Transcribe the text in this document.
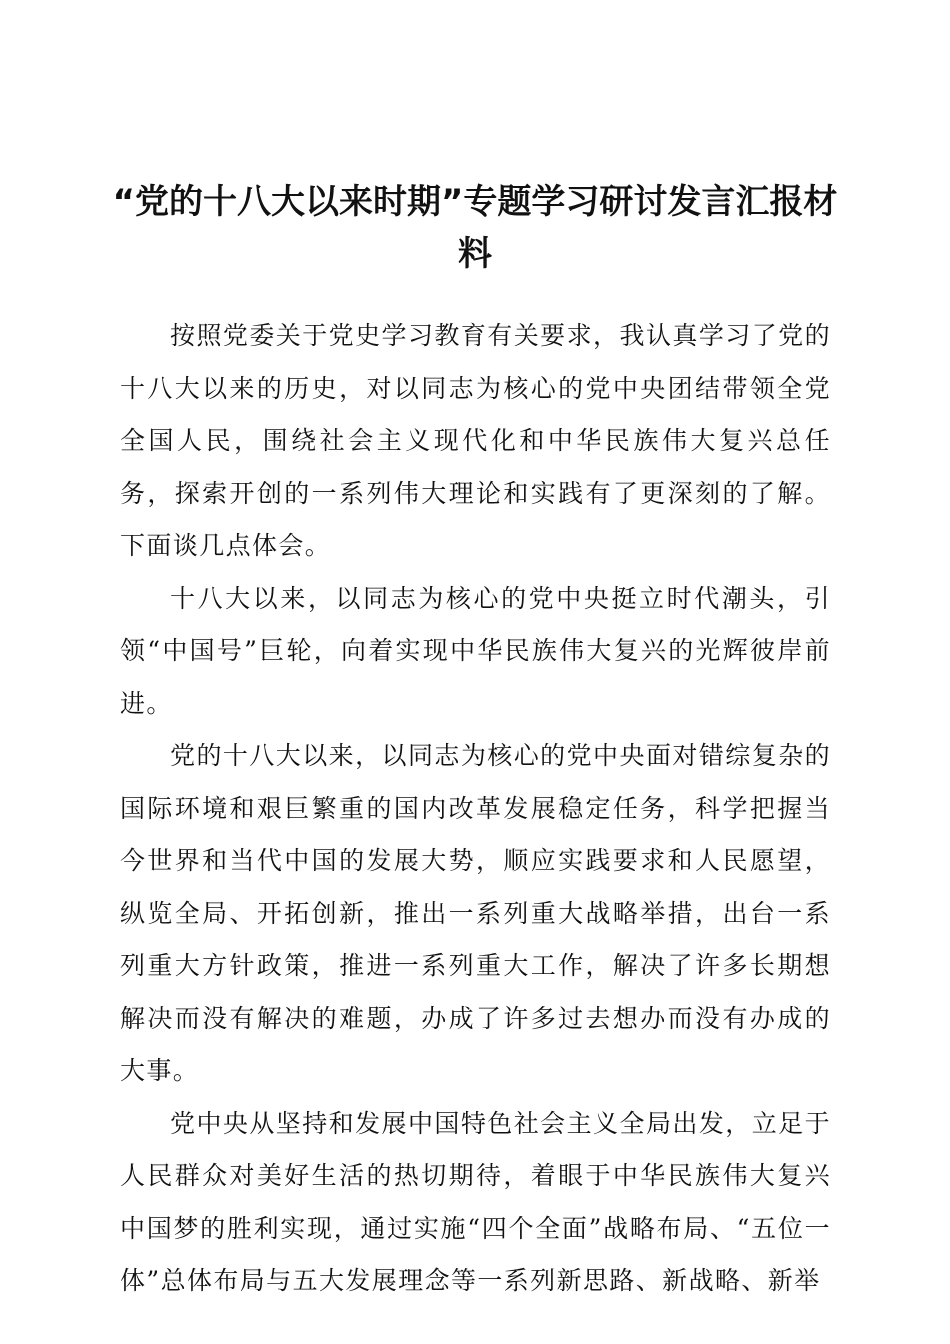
“党的十八大以来时期”专题学习研讨发言汇报材料

按照党委关于党史学习教育有关要求，我认真学习了党的十八大以来的历史，对以同志为核心的党中央团结带领全党全国人民，围绕社会主义现代化和中华民族伟大复兴总任务，探索开创的一系列伟大理论和实践有了更深刻的了解。下面谈几点体会。

十八大以来，以同志为核心的党中央挺立时代潮头，引领“中国号”巨轮，向着实现中华民族伟大复兴的光辉彼岸前进。

党的十八大以来，以同志为核心的党中央面对错综复杂的国际环境和艰巨繁重的国内改革发展稳定任务，科学把握当今世界和当代中国的发展大势，顺应实践要求和人民愿望，纵览全局、开拓创新，推出一系列重大战略举措，出台一系列重大方针政策，推进一系列重大工作，解决了许多长期想解决而没有解决的难题，办成了许多过去想办而没有办成的大事。

党中央从坚持和发展中国特色社会主义全局出发，立足于人民群众对美好生活的热切期待，着眼于中华民族伟大复兴中国梦的胜利实现，通过实施“四个全面”战略布局、“五位一体”总体布局与五大发展理念等一系列新思路、新战略、新举
